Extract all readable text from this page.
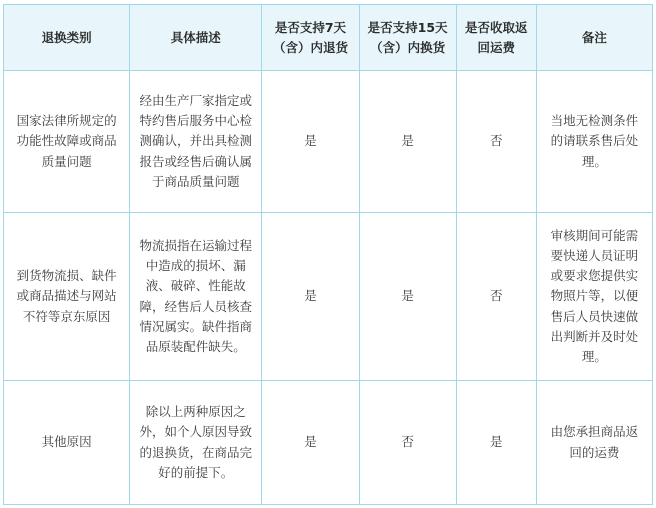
退换类别	具体描述	是否支持7天（含）内退货	是否支持15天（含）内换货	是否收取返回运费	备注
国家法律所规定的功能性故障或商品质量问题	经由生产厂家指定或特约售后服务中心检测确认，并出具检测报告或经售后确认属于商品质量问题	是	是	否	当地无检测条件的请联系售后处理。
到货物流损、缺件或商品描述与网站不符等京东原因	物流损指在运输过程中造成的损坏、漏液、破碎、性能故障，经售后人员核查情况属实。缺件指商品原装配件缺失。	是	是	否	审核期间可能需要快递人员证明或要求您提供实物照片等，以便售后人员快速做出判断并及时处理。
其他原因	除以上两种原因之外，如个人原因导致的退换货，在商品完好的前提下。	是	否	是	由您承担商品返回的运费
